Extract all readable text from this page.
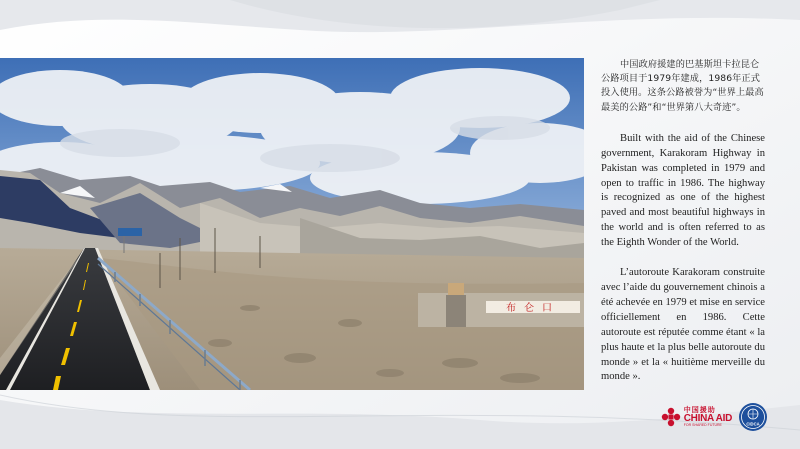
布仑口

中国政府援建的巴基斯坦卡拉昆仑公路项目于1979年建成，1986年正式投入使用。这条公路被誉为“世界上最高最美的公路”和“世界第八大奇迹”。

Built with the aid of the Chinese government, Karakoram Highway in Pakistan was completed in 1979 and open to traffic in 1986. The highway is recognized as one of the highest paved and most beautiful highways in the world and is often referred to as the Eighth Wonder of the World.

L’autoroute Karakoram construite avec l’aide du gouvernement chinois a été achevée en 1979 et mise en service officiellement en 1986. Cette autoroute est réputée comme étant « la plus haute et la plus belle autoroute du monde » et la « huitième merveille du monde ».

中国援助
CHINA AID
FOR SHARED FUTURE	CIDCA
